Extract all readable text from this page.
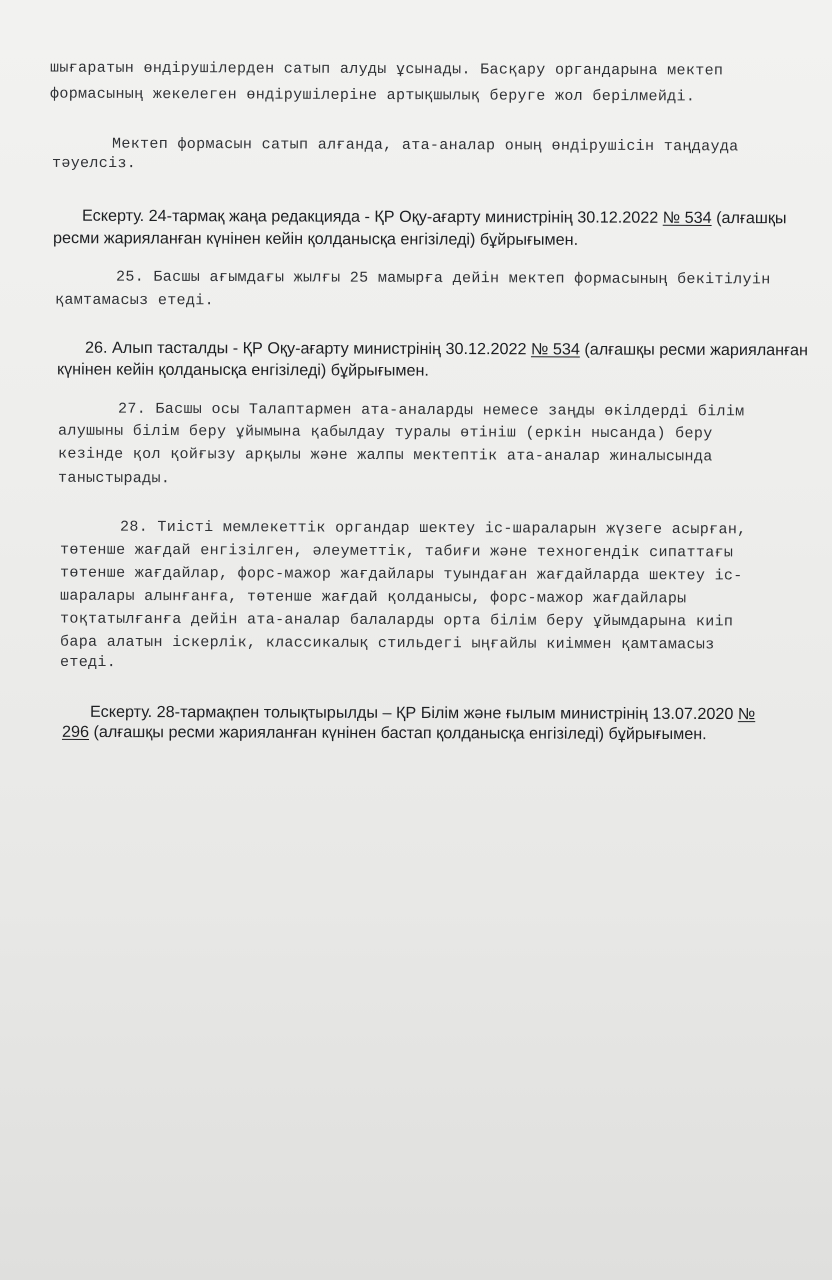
шығаратын өндірушілерден сатып алуды ұсынады. Басқару органдарына мектеп
формасының жекелеген өндірушілеріне артықшылық беруге жол берілмейді.
Мектеп формасын сатып алғанда, ата-аналар оның өндірушісін таңдауда
тәуелсіз.
Ескерту. 24-тармақ жаңа редакцияда - ҚР Оқу-ағарту министрінің 30.12.2022 № 534 (алғашқы
ресми жарияланған күнінен кейін қолданысқа енгізіледі) бұйрығымен.
25. Басшы ағымдағы жылғы 25 мамырға дейін мектеп формасының бекітілуін
қамтамасыз етеді.
26. Алып тасталды - ҚР Оқу-ағарту министрінің 30.12.2022 № 534 (алғашқы ресми жарияланған
күнінен кейін қолданысқа енгізіледі) бұйрығымен.
27. Басшы осы Талаптармен ата-аналарды немесе заңды өкілдерді білім
алушыны білім беру ұйымына қабылдау туралы өтініш (еркін нысанда) беру
кезінде қол қойғызу арқылы және жалпы мектептік ата-аналар жиналысында
таныстырады.
28. Тиісті мемлекеттік органдар шектеу іс-шараларын жүзеге асырған,
төтенше жағдай енгізілген, әлеуметтік, табиғи және техногендік сипаттағы
төтенше жағдайлар, форс-мажор жағдайлары туындаған жағдайларда шектеу іс-
шаралары алынғанға, төтенше жағдай қолданысы, форс-мажор жағдайлары
тоқтатылғанға дейін ата-аналар балаларды орта білім беру ұйымдарына киіп
бара алатын іскерлік, классикалық стильдегі ыңғайлы киіммен қамтамасыз
етеді.
Ескерту. 28-тармақпен толықтырылды – ҚР Білім және ғылым министрінің 13.07.2020 №
296 (алғашқы ресми жарияланған күнінен бастап қолданысқа енгізіледі) бұйрығымен.
